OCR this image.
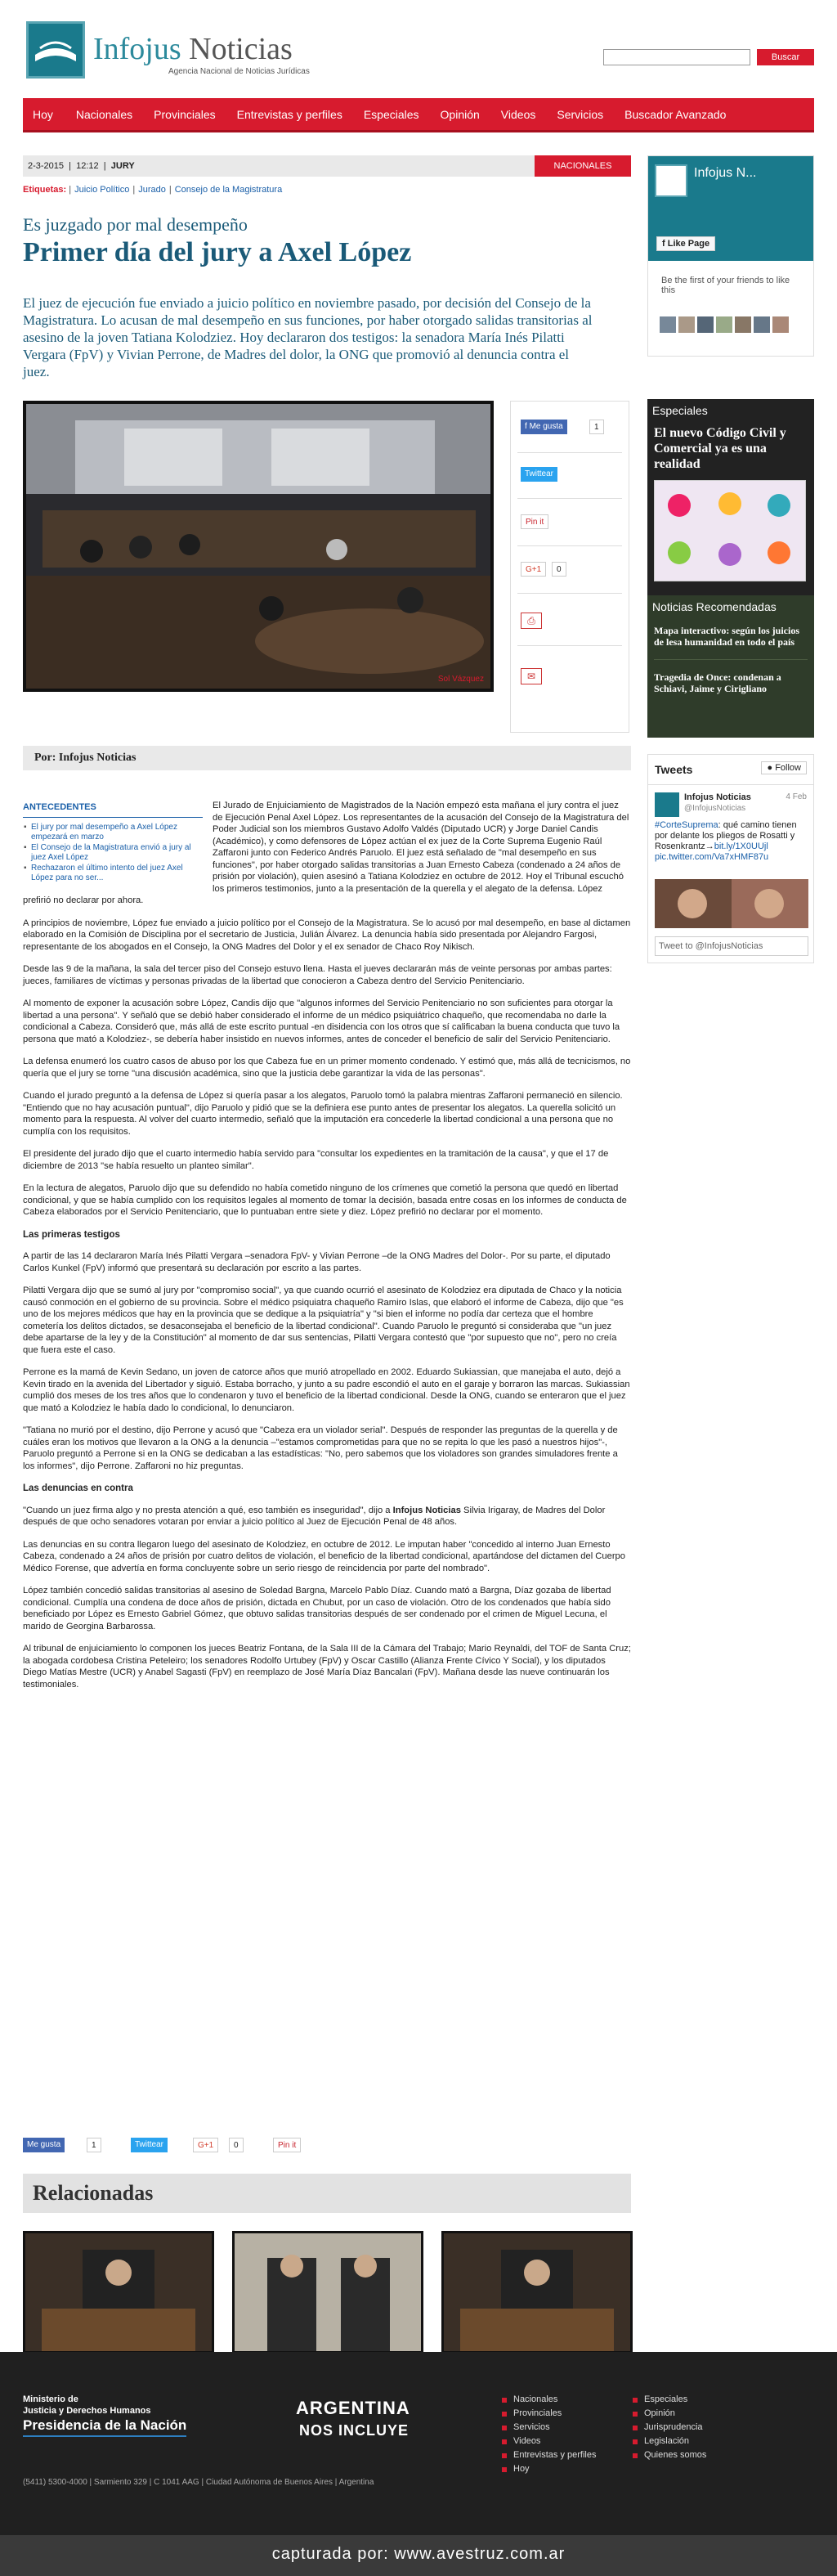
Infojus Noticias
Agencia Nacional de Noticias Jurídicas
Buscar
Hoy Nacionales Provinciales Entrevistas y perfiles Especiales Opinión Videos Servicios Buscador Avanzado
2-3-2015  |  12:12  |  JURY	NACIONALES
Etiquetas: | Juicio Político | Jurado | Consejo de la Magistratura
Es juzgado por mal desempeño
Primer día del jury a Axel López
El juez de ejecución fue enviado a juicio político en noviembre pasado, por decisión del Consejo de la Magistratura. Lo acusan de mal desempeño en sus funciones, por haber otorgado salidas transitorias al asesino de la joven Tatiana Kolodziez. Hoy declararon dos testigos: la senadora María Inés Pilatti Vergara (FpV) y Vivian Perrone, de Madres del dolor, la ONG que promovió al denuncia contra el juez.
Sol Vázquez
f Me gusta	1
Twittear
Pin it
G+1	0
⎙
✉
Por: Infojus Noticias
ANTECEDENTES
▪ El jury por mal desempeño a Axel López empezará en marzo
▪ El Consejo de la Magistratura envió a jury al juez Axel López
▪ Rechazaron el último intento del juez Axel López para no ser...

El Jurado de Enjuiciamiento de Magistrados de la Nación empezó esta mañana el jury contra el juez de Ejecución Penal Axel López. Los representantes de la acusación del Consejo de la Magistratura del Poder Judicial son los miembros Gustavo Adolfo Valdés (Diputado UCR) y Jorge Daniel Candis (Académico), y como defensores de López actúan el ex juez de la Corte Suprema Eugenio Raúl Zaffaroni junto con Federico Andrés Paruolo. El juez está señalado de "mal desempeño en sus funciones", por haber otorgado salidas transitorias a Juan Ernesto Cabeza (condenado a 24 años de prisión por violación), quien asesinó a Tatiana Kolodziez en octubre de 2012. Hoy el Tribunal escuchó los primeros testimonios, junto a la presentación de la querella y el alegato de la defensa. López prefirió no declarar por ahora.

A principios de noviembre, López fue enviado a juicio político por el Consejo de la Magistratura. Se lo acusó por mal desempeño, en base al dictamen elaborado en la Comisión de Disciplina por el secretario de Justicia, Julián Álvarez. La denuncia había sido presentada por Alejandro Fargosi, representante de los abogados en el Consejo, la ONG Madres del Dolor y el ex senador de Chaco Roy Nikisch.

Desde las 9 de la mañana, la sala del tercer piso del Consejo estuvo llena. Hasta el jueves declararán más de veinte personas por ambas partes: jueces, familiares de víctimas y personas privadas de la libertad que conocieron a Cabeza dentro del Servicio Penitenciario.

Al momento de exponer la acusación sobre López, Candis dijo que "algunos informes del Servicio Penitenciario no son suficientes para otorgar la libertad a una persona". Y señaló que se debió haber considerado el informe de un médico psiquiátrico chaqueño, que recomendaba no darle la condicional a Cabeza. Consideró que, más allá de este escrito puntual -en disidencia con los otros que sí calificaban la buena conducta que tuvo la persona que mató a Kolodziez-, se debería haber insistido en nuevos informes, antes de conceder el beneficio de salir del Servicio Penitenciario.

La defensa enumeró los cuatro casos de abuso por los que Cabeza fue en un primer momento condenado. Y estimó que, más allá de tecnicismos, no quería que el jury se torne "una discusión académica, sino que la justicia debe garantizar la vida de las personas".

Cuando el jurado preguntó a la defensa de López si quería pasar a los alegatos, Paruolo tomó la palabra mientras Zaffaroni permaneció en silencio. "Entiendo que no hay acusación puntual", dijo Paruolo y pidió que se la definiera ese punto antes de presentar los alegatos. La querella solicitó un momento para la respuesta. Al volver del cuarto intermedio, señaló que la imputación era concederle la libertad condicional a una persona que no cumplía con los requisitos.

El presidente del jurado dijo que el cuarto intermedio había servido para "consultar los expedientes en la tramitación de la causa", y que el 17 de diciembre de 2013 "se había resuelto un planteo similar".

En la lectura de alegatos, Paruolo dijo que su defendido no había cometido ninguno de los crímenes que cometió la persona que quedó en libertad condicional, y que se había cumplido con los requisitos legales al momento de tomar la decisión, basada entre cosas en los informes de conducta de Cabeza elaborados por el Servicio Penitenciario, que lo puntuaban entre siete y diez. López prefirió no declarar por el momento.

Las primeras testigos

A partir de las 14 declararon María Inés Pilatti Vergara –senadora FpV- y Vivian Perrone –de la ONG Madres del Dolor-. Por su parte, el diputado Carlos Kunkel (FpV) informó que presentará su declaración por escrito a las partes.

Pilatti Vergara dijo que se sumó al jury por "compromiso social", ya que cuando ocurrió el asesinato de Kolodziez era diputada de Chaco y la noticia causó conmoción en el gobierno de su provincia. Sobre el médico psiquiatra chaqueño Ramiro Islas, que elaboró el informe de Cabeza, dijo que "es uno de los mejores médicos que hay en la provincia que se dedique a la psiquiatría" y "si bien el informe no podía dar certeza que el hombre cometería los delitos dictados, se desaconsejaba el beneficio de la libertad condicional". Cuando Paruolo le preguntó si consideraba que "un juez debe apartarse de la ley y de la Constitución" al momento de dar sus sentencias, Pilatti Vergara contestó que "por supuesto que no", pero no creía que fuera este el caso.

Perrone es la mamá de Kevin Sedano, un joven de catorce años que murió atropellado en 2002. Eduardo Sukiassian, que manejaba el auto, dejó a Kevin tirado en la avenida del Libertador y siguió. Estaba borracho, y junto a su padre escondió el auto en el garaje y borraron las marcas. Sukiassian cumplió dos meses de los tres años que lo condenaron y tuvo el beneficio de la libertad condicional. Desde la ONG, cuando se enteraron que el juez que mató a Kolodziez le había dado lo condicional, lo denunciaron.

"Tatiana no murió por el destino, dijo Perrone y acusó que "Cabeza era un violador serial". Después de responder las preguntas de la querella y de cuáles eran los motivos que llevaron a la ONG a la denuncia –"estamos comprometidas para que no se repita lo que les pasó a nuestros hijos"-, Paruolo preguntó a Perrone si en la ONG se dedicaban a las estadísticas: "No, pero sabemos que los violadores son grandes simuladores frente a los informes", dijo Perrone. Zaffaroni no hiz preguntas.

Las denuncias en contra

"Cuando un juez firma algo y no presta atención a qué, eso también es inseguridad", dijo a Infojus Noticias Silvia Irigaray, de Madres del Dolor después de que ocho senadores votaran por enviar a juicio político al Juez de Ejecución Penal de 48 años.

Las denuncias en su contra llegaron luego del asesinato de Kolodziez, en octubre de 2012. Le imputan haber "concedido al interno Juan Ernesto Cabeza, condenado a 24 años de prisión por cuatro delitos de violación, el beneficio de la libertad condicional, apartándose del dictamen del Cuerpo Médico Forense, que advertía en forma concluyente sobre un serio riesgo de reincidencia por parte del nombrado".

López también concedió salidas transitorias al asesino de Soledad Bargna, Marcelo Pablo Díaz. Cuando mató a Bargna, Díaz gozaba de libertad condicional. Cumplía una condena de doce años de prisión, dictada en Chubut, por un caso de violación. Otro de los condenados que había sido beneficiado por López es Ernesto Gabriel Gómez, que obtuvo salidas transitorias después de ser condenado por el crimen de Miguel Lecuna, el marido de Georgina Barbarossa.

Al tribunal de enjuiciamiento lo componen los jueces Beatriz Fontana, de la Sala III de la Cámara del Trabajo; Mario Reynaldi, del TOF de Santa Cruz; la abogada cordobesa Cristina Peteleiro; los senadores Rodolfo Urtubey (FpV) y Oscar Castillo (Alianza Frente Cívico Y Social), y los diputados Diego Matías Mestre (UCR) y Anabel Sagasti (FpV) en reemplazo de José María Díaz Bancalari (FpV). Mañana desde las nueve continuarán los testimoniales.

Me gusta	1	Twittear	G+1	0	Pin it
Relacionadas
Infojus N...
f Like Page
Be the first of your friends to like this
Especiales
El nuevo Código Civil y Comercial ya es una realidad
Noticias Recomendadas
Mapa interactivo: según los juicios de lesa humanidad en todo el país
Tragedia de Once: condenan a Schiavi, Jaime y Cirigliano
Tweets	● Follow
Infojus Noticias	4 Feb
@InfojusNoticias
#CorteSuprema: qué camino tienen por delante los pliegos de Rosatti y Rosenkrantz→bit.ly/1X0UUjl pic.twitter.com/Va7xHMF87u
Tweet to @InfojusNoticias
Ministerio de
Justicia y Derechos Humanos
Presidencia de la Nación
ARGENTINA
NOS INCLUYE
Nacionales
Provinciales
Servicios
Videos
Entrevistas y perfiles
Hoy
Especiales
Opinión
Jurisprudencia
Legislación
Quienes somos
(5411) 5300-4000 | Sarmiento 329 | C 1041 AAG | Ciudad Autónoma de Buenos Aires | Argentina
capturada por: www.avestruz.com.ar
